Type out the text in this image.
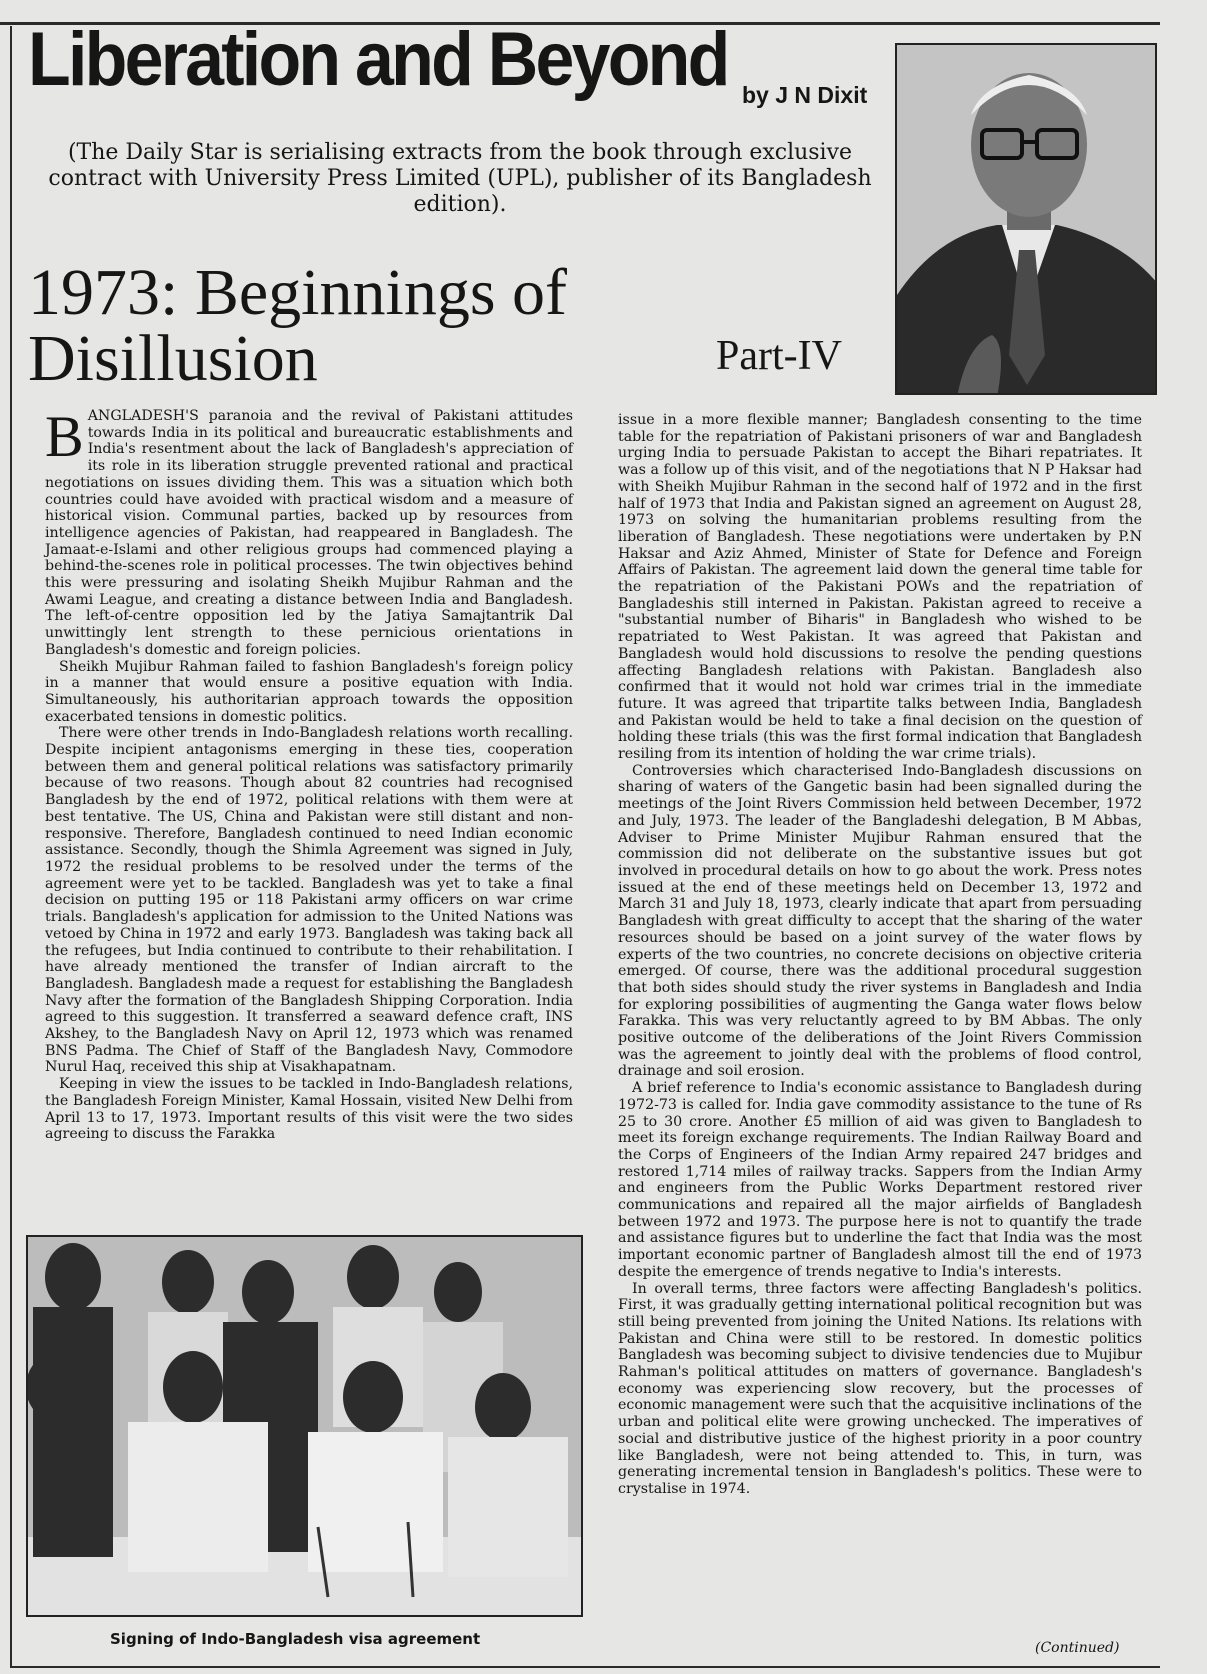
Liberation and Beyond by J N Dixit
(The Daily Star is serialising extracts from the book through exclusive contract with University Press Limited (UPL), publisher of its Bangladesh edition).
1973: Beginnings of
Disillusion	Part-IV

BANGLADESH'S paranoia and the revival of Pakistani attitudes towards India in its political and bureaucratic establishments and India's resentment about the lack of Bangladesh's appreciation of its role in its liberation struggle prevented rational and practical negotiations on issues dividing them. This was a situation which both countries could have avoided with practical wisdom and a measure of historical vision. Communal parties, backed up by resources from intelligence agencies of Pakistan, had reappeared in Bangladesh. The Jamaat-e-Islami and other religious groups had commenced playing a behind-the-scenes role in political processes. The twin objectives behind this were pressuring and isolating Sheikh Mujibur Rahman and the Awami League, and creating a distance between India and Bangladesh. The left-of-centre opposition led by the Jatiya Samajtantrik Dal unwittingly lent strength to these pernicious orientations in Bangladesh's domestic and foreign policies.

Sheikh Mujibur Rahman failed to fashion Bangladesh's foreign policy in a manner that would ensure a positive equation with India. Simultaneously, his authoritarian approach towards the opposition exacerbated tensions in domestic politics.

There were other trends in Indo-Bangladesh relations worth recalling. Despite incipient antagonisms emerging in these ties, cooperation between them and general political relations was satisfactory primarily because of two reasons. Though about 82 countries had recognised Bangladesh by the end of 1972, political relations with them were at best tentative. The US, China and Pakistan were still distant and non-responsive. Therefore, Bangladesh continued to need Indian economic assistance. Secondly, though the Shimla Agreement was signed in July, 1972 the residual problems to be resolved under the terms of the agreement were yet to be tackled. Bangladesh was yet to take a final decision on putting 195 or 118 Pakistani army officers on war crime trials. Bangladesh's application for admission to the United Nations was vetoed by China in 1972 and early 1973. Bangladesh was taking back all the refugees, but India continued to contribute to their rehabilitation. I have already mentioned the transfer of Indian aircraft to the Bangladesh. Bangladesh made a request for establishing the Bangladesh Navy after the formation of the Bangladesh Shipping Corporation. India agreed to this suggestion. It transferred a seaward defence craft, INS Akshey, to the Bangladesh Navy on April 12, 1973 which was renamed BNS Padma. The Chief of Staff of the Bangladesh Navy, Commodore Nurul Haq, received this ship at Visakhapatnam.

Keeping in view the issues to be tackled in Indo-Bangladesh relations, the Bangladesh Foreign Minister, Kamal Hossain, visited New Delhi from April 13 to 17, 1973. Important results of this visit were the two sides agreeing to discuss the Farakka

issue in a more flexible manner; Bangladesh consenting to the time table for the repatriation of Pakistani prisoners of war and Bangladesh urging India to persuade Pakistan to accept the Bihari repatriates. It was a follow up of this visit, and of the negotiations that N P Haksar had with Sheikh Mujibur Rahman in the second half of 1972 and in the first half of 1973 that India and Pakistan signed an agreement on August 28, 1973 on solving the humanitarian problems resulting from the liberation of Bangladesh. These negotiations were undertaken by P.N Haksar and Aziz Ahmed, Minister of State for Defence and Foreign Affairs of Pakistan. The agreement laid down the general time table for the repatriation of the Pakistani POWs and the repatriation of Bangladeshis still interned in Pakistan. Pakistan agreed to receive a "substantial number of Biharis" in Bangladesh who wished to be repatriated to West Pakistan. It was agreed that Pakistan and Bangladesh would hold discussions to resolve the pending questions affecting Bangladesh relations with Pakistan. Bangladesh also confirmed that it would not hold war crimes trial in the immediate future. It was agreed that tripartite talks between India, Bangladesh and Pakistan would be held to take a final decision on the question of holding these trials (this was the first formal indication that Bangladesh resiling from its intention of holding the war crime trials).

Controversies which characterised Indo-Bangladesh discussions on sharing of waters of the Gangetic basin had been signalled during the meetings of the Joint Rivers Commission held between December, 1972 and July, 1973. The leader of the Bangladeshi delegation, B M Abbas, Adviser to Prime Minister Mujibur Rahman ensured that the commission did not deliberate on the substantive issues but got involved in procedural details on how to go about the work. Press notes issued at the end of these meetings held on December 13, 1972 and March 31 and July 18, 1973, clearly indicate that apart from persuading Bangladesh with great difficulty to accept that the sharing of the water resources should be based on a joint survey of the water flows by experts of the two countries, no concrete decisions on objective criteria emerged. Of course, there was the additional procedural suggestion that both sides should study the river systems in Bangladesh and India for exploring possibilities of augmenting the Ganga water flows below Farakka. This was very reluctantly agreed to by BM Abbas. The only positive outcome of the deliberations of the Joint Rivers Commission was the agreement to jointly deal with the problems of flood control, drainage and soil erosion.

A brief reference to India's economic assistance to Bangladesh during 1972-73 is called for. India gave commodity assistance to the tune of Rs 25 to 30 crore. Another £5 million of aid was given to Bangladesh to meet its foreign exchange requirements. The Indian Railway Board and the Corps of Engineers of the Indian Army repaired 247 bridges and restored 1,714 miles of railway tracks. Sappers from the Indian Army and engineers from the Public Works Department restored river communications and repaired all the major airfields of Bangladesh between 1972 and 1973. The purpose here is not to quantify the trade and assistance figures but to underline the fact that India was the most important economic partner of Bangladesh almost till the end of 1973 despite the emergence of trends negative to India's interests.

In overall terms, three factors were affecting Bangladesh's politics. First, it was gradually getting international political recognition but was still being prevented from joining the United Nations. Its relations with Pakistan and China were still to be restored. In domestic politics Bangladesh was becoming subject to divisive tendencies due to Mujibur Rahman's political attitudes on matters of governance. Bangladesh's economy was experiencing slow recovery, but the processes of economic management were such that the acquisitive inclinations of the urban and political elite were growing unchecked. The imperatives of social and distributive justice of the highest priority in a poor country like Bangladesh, were not being attended to. This, in turn, was generating incremental tension in Bangladesh's politics. These were to crystalise in 1974.

Signing of Indo-Bangladesh visa agreement	(Continued)
